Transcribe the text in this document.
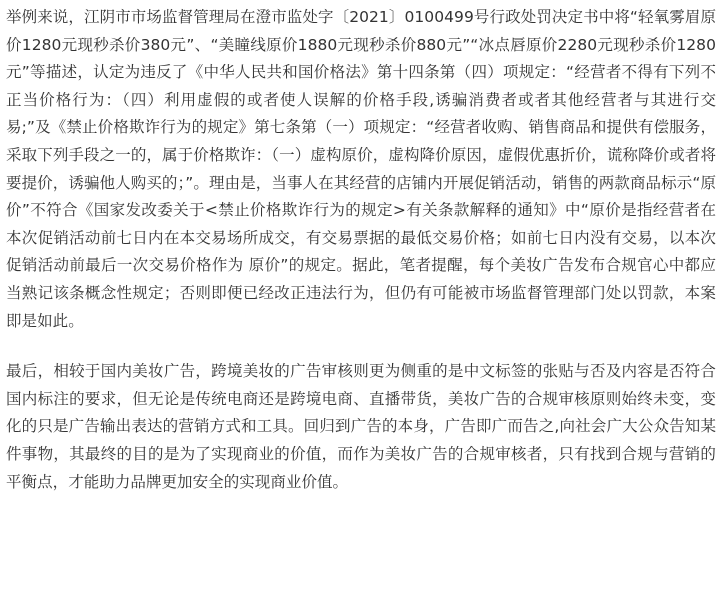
举例来说，江阴市市场监督管理局在澄市监处字〔2021〕0100499号行政处罚决定书中将“轻氧雾眉原价1280元现秒杀价380元”、“美瞳线原价1880元现秒杀价880元”“冰点唇原价2280元现秒杀价1280元”等描述，认定为违反了《中华人民共和国价格法》第十四条第（四）项规定：“经营者不得有下列不正当价格行为：（四）利用虚假的或者使人误解的价格手段,诱骗消费者或者其他经营者与其进行交易;”及《禁止价格欺诈行为的规定》第七条第（一）项规定：“经营者收购、销售商品和提供有偿服务，采取下列手段之一的，属于价格欺诈：（一）虚构原价，虚构降价原因，虚假优惠折价，谎称降价或者将要提价，诱骗他人购买的；”。理由是，当事人在其经营的店铺内开展促销活动，销售的两款商品标示“原价”不符合《国家发改委关于<禁止价格欺诈行为的规定>有关条款解释的通知》中“原价是指经营者在本次促销活动前七日内在本交易场所成交，有交易票据的最低交易价格；如前七日内没有交易，以本次促销活动前最后一次交易价格作为 原价”的规定。据此，笔者提醒，每个美妆广告发布合规官心中都应当熟记该条概念性规定；否则即便已经改正违法行为，但仍有可能被市场监督管理部门处以罚款，本案即是如此。

最后，相较于国内美妆广告，跨境美妆的广告审核则更为侧重的是中文标签的张贴与否及内容是否符合国内标注的要求，但无论是传统电商还是跨境电商、直播带货，美妆广告的合规审核原则始终未变，变化的只是广告输出表达的营销方式和工具。回归到广告的本身，广告即广而告之,向社会广大公众告知某件事物，其最终的目的是为了实现商业的价值，而作为美妆广告的合规审核者，只有找到合规与营销的平衡点，才能助力品牌更加安全的实现商业价值。
